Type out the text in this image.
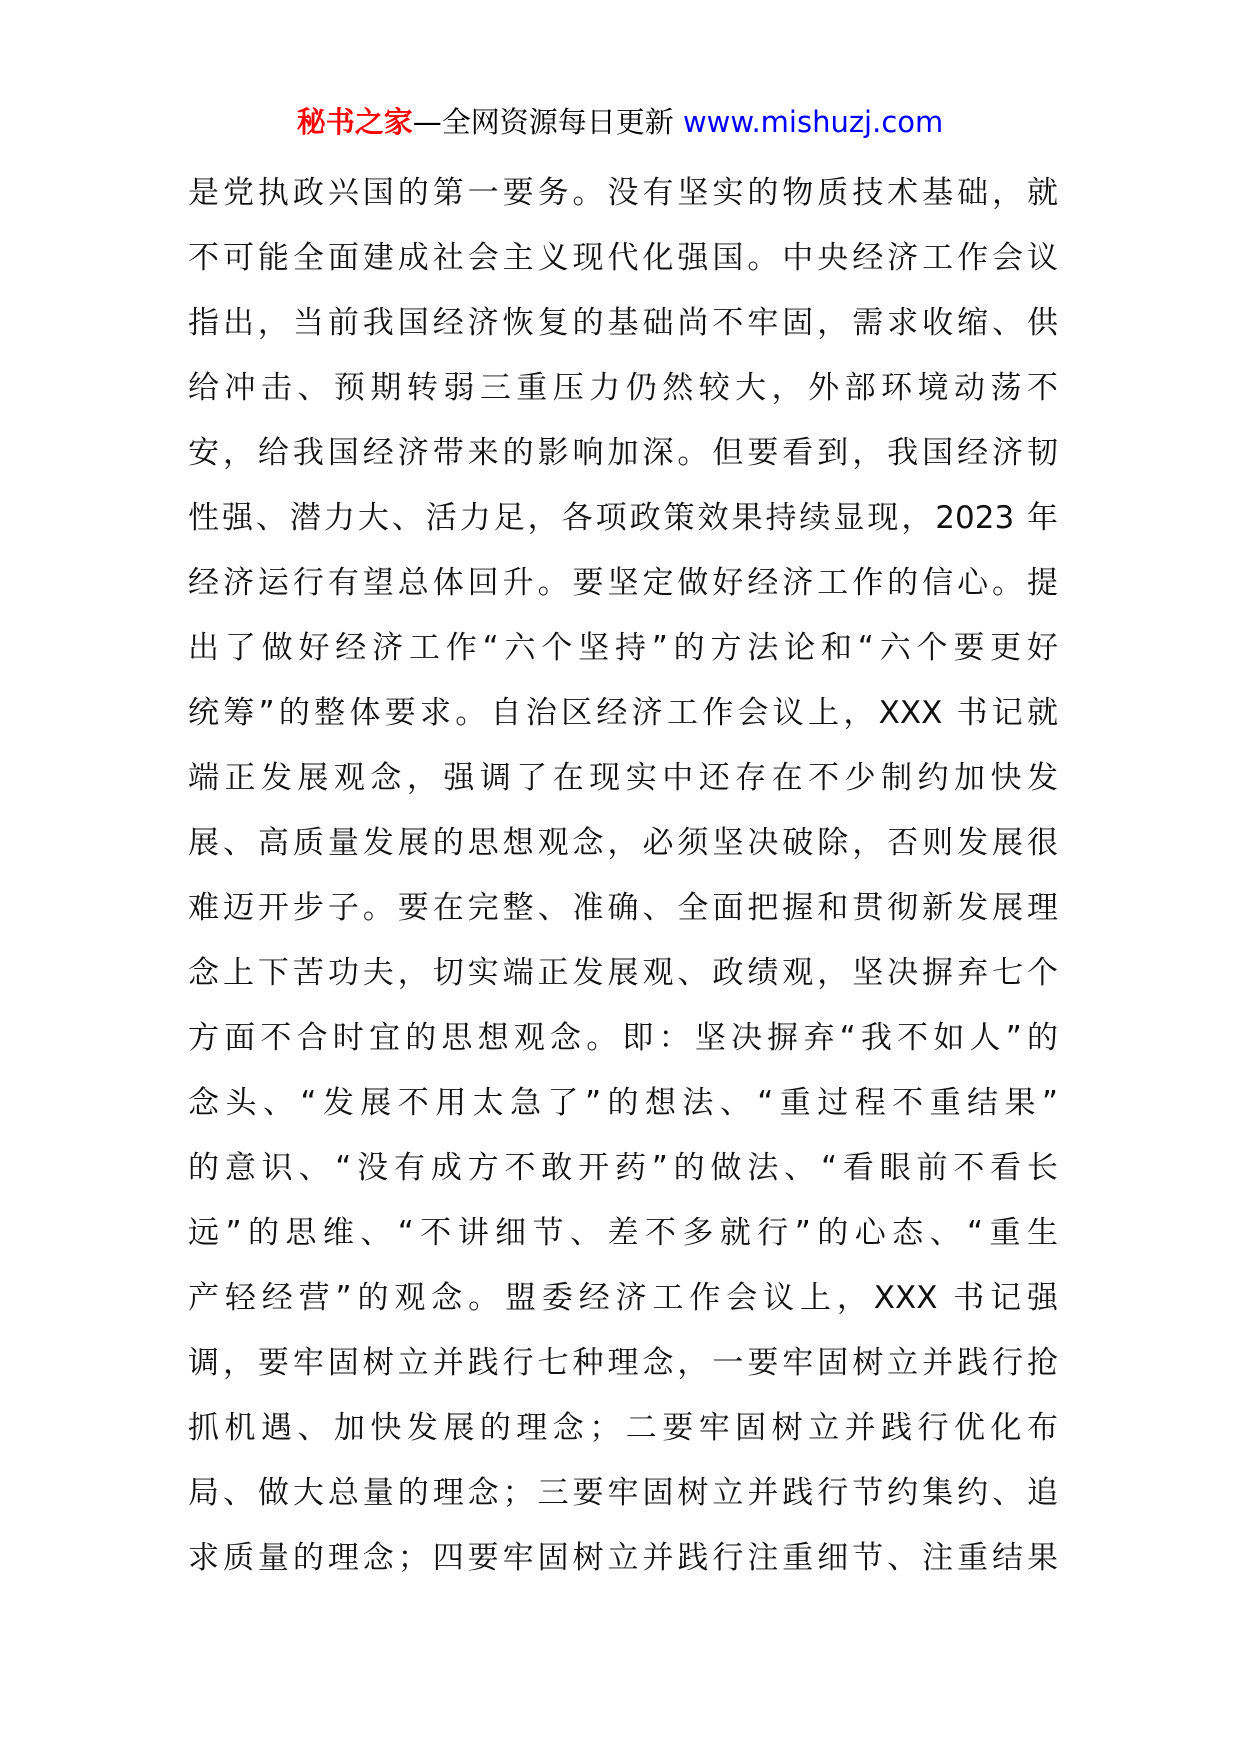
秘书之家—全网资源每日更新 www.mishuzj.com
是党执政兴国的第一要务。没有坚实的物质技术基础，就
不可能全面建成社会主义现代化强国。中央经济工作会议
指出，当前我国经济恢复的基础尚不牢固，需求收缩、供
给冲击、预期转弱三重压力仍然较大，外部环境动荡不
安，给我国经济带来的影响加深。但要看到，我国经济韧
性强、潜力大、活力足，各项政策效果持续显现，2023 年
经济运行有望总体回升。要坚定做好经济工作的信心。提
出了做好经济工作“六个坚持”的方法论和“六个要更好
统筹”的整体要求。自治区经济工作会议上，XXX 书记就
端正发展观念，强调了在现实中还存在不少制约加快发
展、高质量发展的思想观念，必须坚决破除，否则发展很
难迈开步子。要在完整、准确、全面把握和贯彻新发展理
念上下苦功夫，切实端正发展观、政绩观，坚决摒弃七个
方面不合时宜的思想观念。即：坚决摒弃“我不如人”的
念头、“发展不用太急了”的想法、“重过程不重结果”
的意识、“没有成方不敢开药”的做法、“看眼前不看长
远”的思维、“不讲细节、差不多就行”的心态、“重生
产轻经营”的观念。盟委经济工作会议上，XXX 书记强
调，要牢固树立并践行七种理念，一要牢固树立并践行抢
抓机遇、加快发展的理念；二要牢固树立并践行优化布
局、做大总量的理念；三要牢固树立并践行节约集约、追
求质量的理念；四要牢固树立并践行注重细节、注重结果
